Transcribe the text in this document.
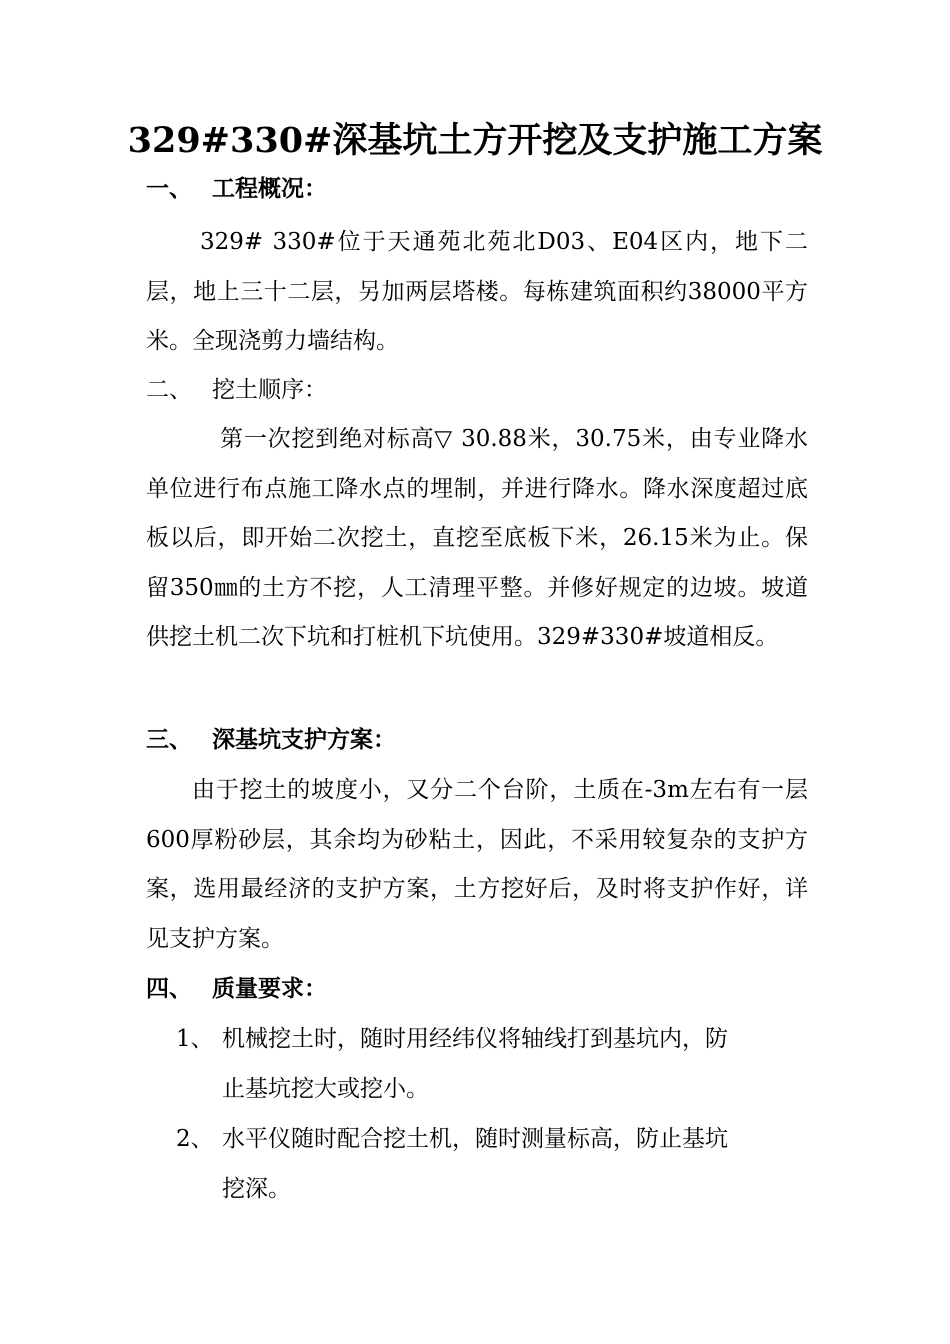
329#330#深基坑土方开挖及支护施工方案
一、 工程概况：

329# 330#位于天通苑北苑北D03、E04区内，地下二层，地上三十二层，另加两层塔楼。每栋建筑面积约38000平方米。全现浇剪力墙结构。

二、 挖土顺序：

第一次挖到绝对标高▽ 30.88米，30.75米，由专业降水单位进行布点施工降水点的埋制，并进行降水。降水深度超过底板以后，即开始二次挖土，直挖至底板下米，26.15米为止。保留350㎜的土方不挖，人工清理平整。并修好规定的边坡。坡道供挖土机二次下坑和打桩机下坑使用。329#330#坡道相反。

三、 深基坑支护方案：

由于挖土的坡度小，又分二个台阶，土质在-3m左右有一层600厚粉砂层，其余均为砂粘土，因此，不采用较复杂的支护方案，选用最经济的支护方案，土方挖好后，及时将支护作好，详见支护方案。

四、 质量要求：
1、 机械挖土时，随时用经纬仪将轴线打到基坑内，防
止基坑挖大或挖小。
2、 水平仪随时配合挖土机，随时测量标高，防止基坑
挖深。
